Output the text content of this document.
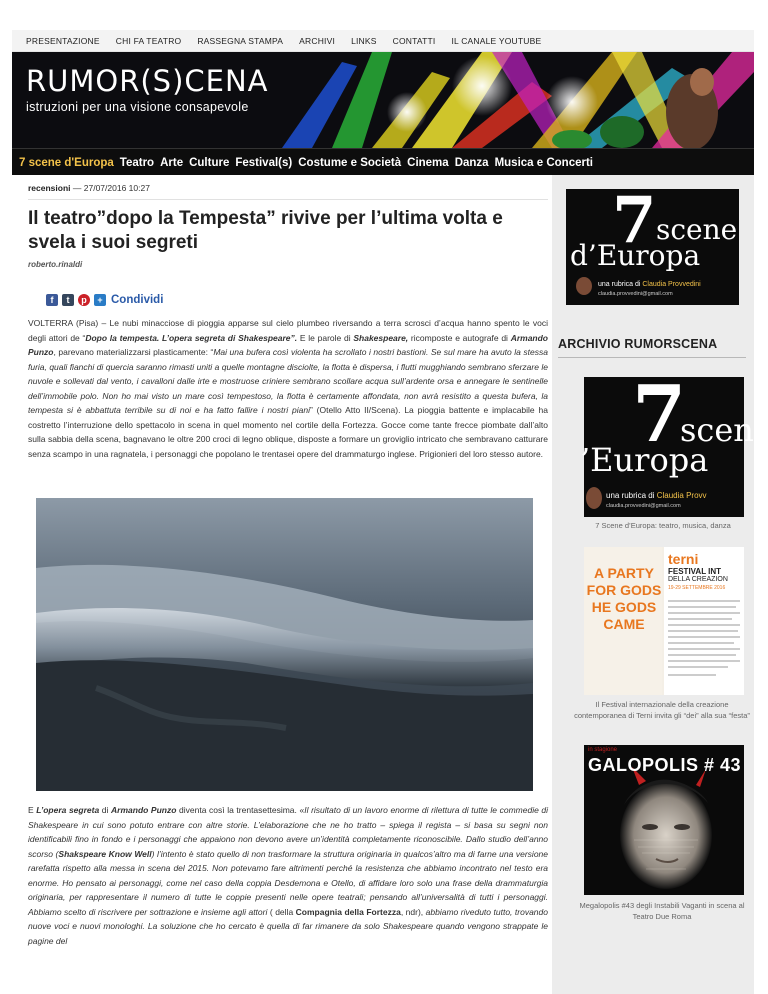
PRESENTAZIONE CHI FA TEATRO RASSEGNA STAMPA ARCHIVI LINKS CONTATTI IL CANALE YOUTUBE
RUMOR(S)CENA
istruzioni per una visione consapevole
7 scene d'Europa Teatro Arte Culture Festival(s) Costume e Società Cinema Danza Musica e Concerti
recensioni — 27/07/2016 10:27
Il teatro”dopo la Tempesta” rivive per l’ultima volta e svela i suoi segreti
roberto.rinaldi
f	t	p	+ Condividi

VOLTERRA (Pisa) – Le nubi minacciose di pioggia apparse sul cielo plumbeo riversando a terra scrosci d’acqua hanno spento le voci degli attori de “Dopo la tempesta. L’opera segreta di Shakespeare”. E le parole di Shakespeare, ricomposte e autografe di Armando Punzo, parevano materializzarsi plasticamente: “Mai una bufera così violenta ha scrollato i nostri bastioni. Se sul mare ha avuto la stessa furia, quali fianchi di quercia saranno rimasti uniti a quelle montagne disciolte, la flotta è dispersa, i flutti mugghiando sembrano sferzare le nuvole e sollevati dal vento, i cavalloni dalle irte e mostruose criniere sembrano scollare acqua sull’ardente orsa e annegare le sentinelle dell’immobile polo. Non ho mai visto un mare così tempestoso, la flotta è certamente affondata, non avrà resistito a questa bufera, la tempesta si è abbattuta terribile su di noi e ha fatto fallire i nostri piani” (Otello Atto II/Scena). La pioggia battente e implacabile ha costretto l’interruzione dello spettacolo in scena in quel momento nel cortile della Fortezza. Gocce come tante frecce piombate dall’alto sulla sabbia della scena, bagnavano le oltre 200 croci di legno oblique, disposte a formare un groviglio intricato che sembravano catturare senza scampo in una ragnatela, i personaggi che popolano le trentasei opere del drammaturgo inglese. Prigionieri del loro stesso autore.

E L’opera segreta di Armando Punzo diventa così la trentasettesima. «Il risultato di un lavoro enorme di rilettura di tutte le commedie di Shakespeare in cui sono potuto entrare con altre storie. L’elaborazione che ne ho tratto – spiega il regista – si basa su segni non identificabili fino in fondo e i personaggi che appaiono non devono avere un’identità completamente riconoscibile. Dallo studio dell’anno scorso (Shakspeare Know Well) l’intento è stato quello di non trasformare la struttura originaria in qualcos’altro ma di farne una versione rarefatta rispetto alla messa in scena del 2015. Non potevamo fare altrimenti perché la resistenza che abbiamo incontrato nel testo era enorme. Ho pensato ai personaggi, come nel caso della coppia Desdemona e Otello, di affidare loro solo una frase della drammaturgia originaria, per rappresentare il numero di tutte le coppie presenti nelle opere teatrali; pensando all’universalità di tutti i personaggi. Abbiamo scelto di riscrivere per sottrazione e insieme agli attori ( della Compagnia della Fortezza, ndr), abbiamo riveduto tutto, trovando nuove voci e nuovi monologhi. La soluzione che ho cercato è quella di far rimanere da solo Shakespeare quando vengono strappate le pagine del

7 scene
d’Europa
una rubrica di Claudia Provvedini
claudia.provvedini@gmail.com
ARCHIVIO RUMORSCENA
7
scen
’Europa
una rubrica di Claudia Provv
claudia.provvedini@gmail.com
7 Scene d’Europa: teatro, musica, danza
A PARTY FOR GODS HE GODS CAME
terni
FESTIVAL INT
DELLA CREAZION
19-29 SETTEMBRE 2016
Il Festival internazionale della creazione contemporanea di Terni invita gli “dei” alla sua “festa”
in stagione
GALOPOLIS # 43
Megalopolis #43 degli Instabili Vaganti in scena al Teatro Due Roma
